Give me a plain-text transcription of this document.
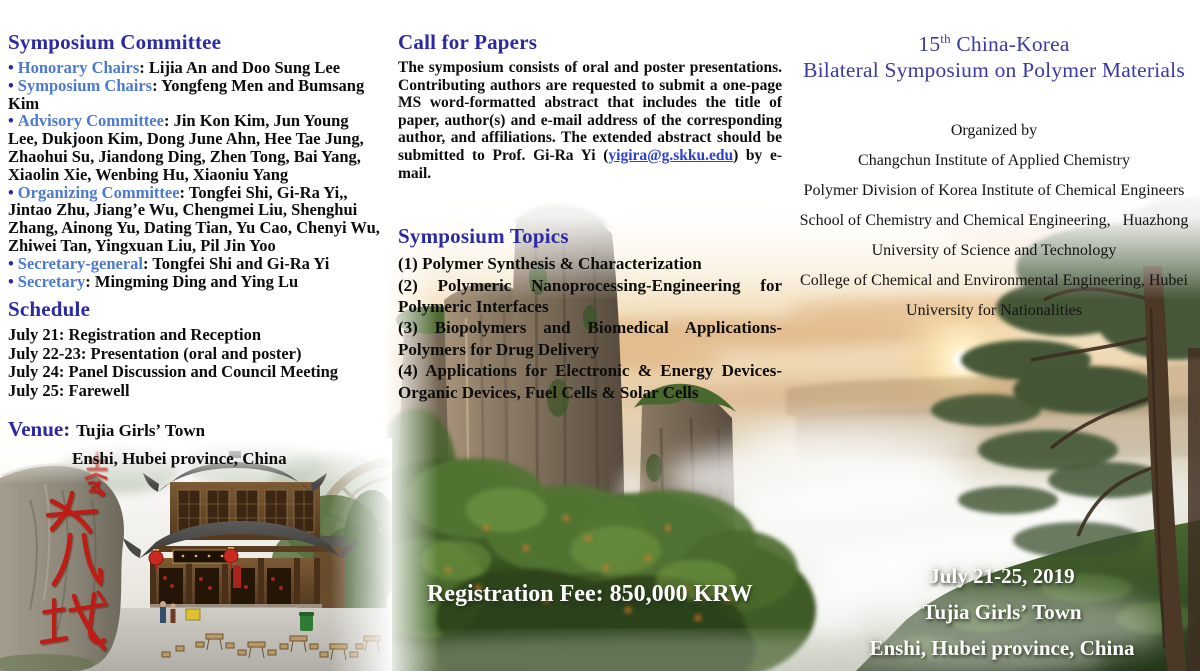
Symposium Committee
• Honorary Chairs: Lijia An and Doo Sung Lee
• Symposium Chairs: Yongfeng Men and Bumsang Kim
• Advisory Committee: Jin Kon Kim, Jun Young Lee, Dukjoon Kim, Dong June Ahn, Hee Tae Jung, Zhaohui Su, Jiandong Ding, Zhen Tong, Bai Yang, Xiaolin Xie, Wenbing Hu, Xiaoniu Yang
• Organizing Committee: Tongfei Shi, Gi-Ra Yi,, Jintao Zhu, Jiangʼe Wu, Chengmei Liu, Shenghui Zhang, Ainong Yu, Dating Tian, Yu Cao, Chenyi Wu, Zhiwei Tan, Yingxuan Liu, Pil Jin Yoo
• Secretary-general: Tongfei Shi and Gi-Ra Yi
• Secretary: Mingming Ding and Ying Lu
Schedule
July 21: Registration and Reception
July 22-23: Presentation (oral and poster)
July 24: Panel Discussion and Council Meeting
July 25: Farewell
Venue: Tujia Girlsʼ Town
Enshi, Hubei province, China
Call for Papers
The symposium consists of oral and poster presentations. Contributing authors are requested to submit a one-page MS word-formatted abstract that includes the title of paper, author(s) and e-mail address of the corresponding author, and affiliations. The extended abstract should be submitted to Prof. Gi-Ra Yi (yigira@g.skku.edu) by e-mail.
Symposium Topics
(1) Polymer Synthesis & Characterization
(2) Polymeric Nanoprocessing-Engineering for Polymeric Interfaces
(3) Biopolymers and Biomedical Applications-Polymers for Drug Delivery
(4) Applications for Electronic & Energy Devices-Organic Devices, Fuel Cells & Solar Cells
Registration Fee: 850,000 KRW
15th China-Korea
Bilateral Symposium on Polymer Materials
Organized by
Changchun Institute of Applied Chemistry
Polymer Division of Korea Institute of Chemical Engineers
School of Chemistry and Chemical Engineering,   Huazhong
University of Science and Technology
College of Chemical and Environmental Engineering, Hubei
University for Nationalities
July 21-25, 2019
Tujia Girlsʼ Town
Enshi, Hubei province, China
